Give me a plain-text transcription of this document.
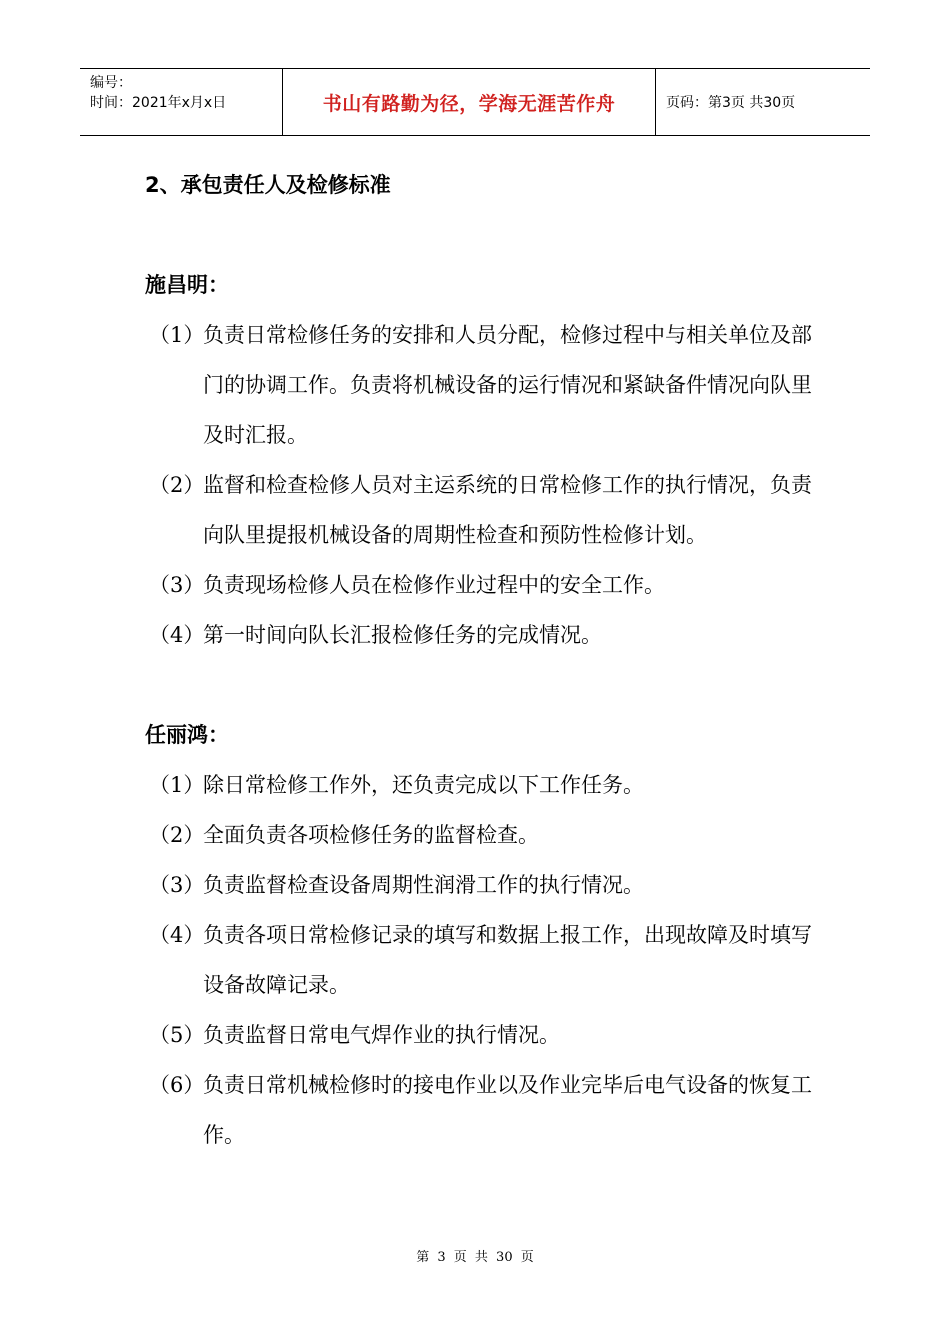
编号：
时间：2021年x月x日	书山有路勤为径，学海无涯苦作舟	页码：第3页 共30页

2、承包责任人及检修标准

施昌明：

（1）
负责日常检修任务的安排和人员分配，检修过程中与相关单位及部门的协调工作。负责将机械设备的运行情况和紧缺备件情况向队里及时汇报。

（2）
监督和检查检修人员对主运系统的日常检修工作的执行情况，负责向队里提报机械设备的周期性检查和预防性检修计划。

（3）
负责现场检修人员在检修作业过程中的安全工作。

（4）
第一时间向队长汇报检修任务的完成情况。

任丽鸿：

（1）
除日常检修工作外，还负责完成以下工作任务。

（2）
全面负责各项检修任务的监督检查。

（3）
负责监督检查设备周期性润滑工作的执行情况。

（4）
负责各项日常检修记录的填写和数据上报工作，出现故障及时填写设备故障记录。

（5）
负责监督日常电气焊作业的执行情况。

（6）
负责日常机械检修时的接电作业以及作业完毕后电气设备的恢复工作。

第 3 页 共 30 页
